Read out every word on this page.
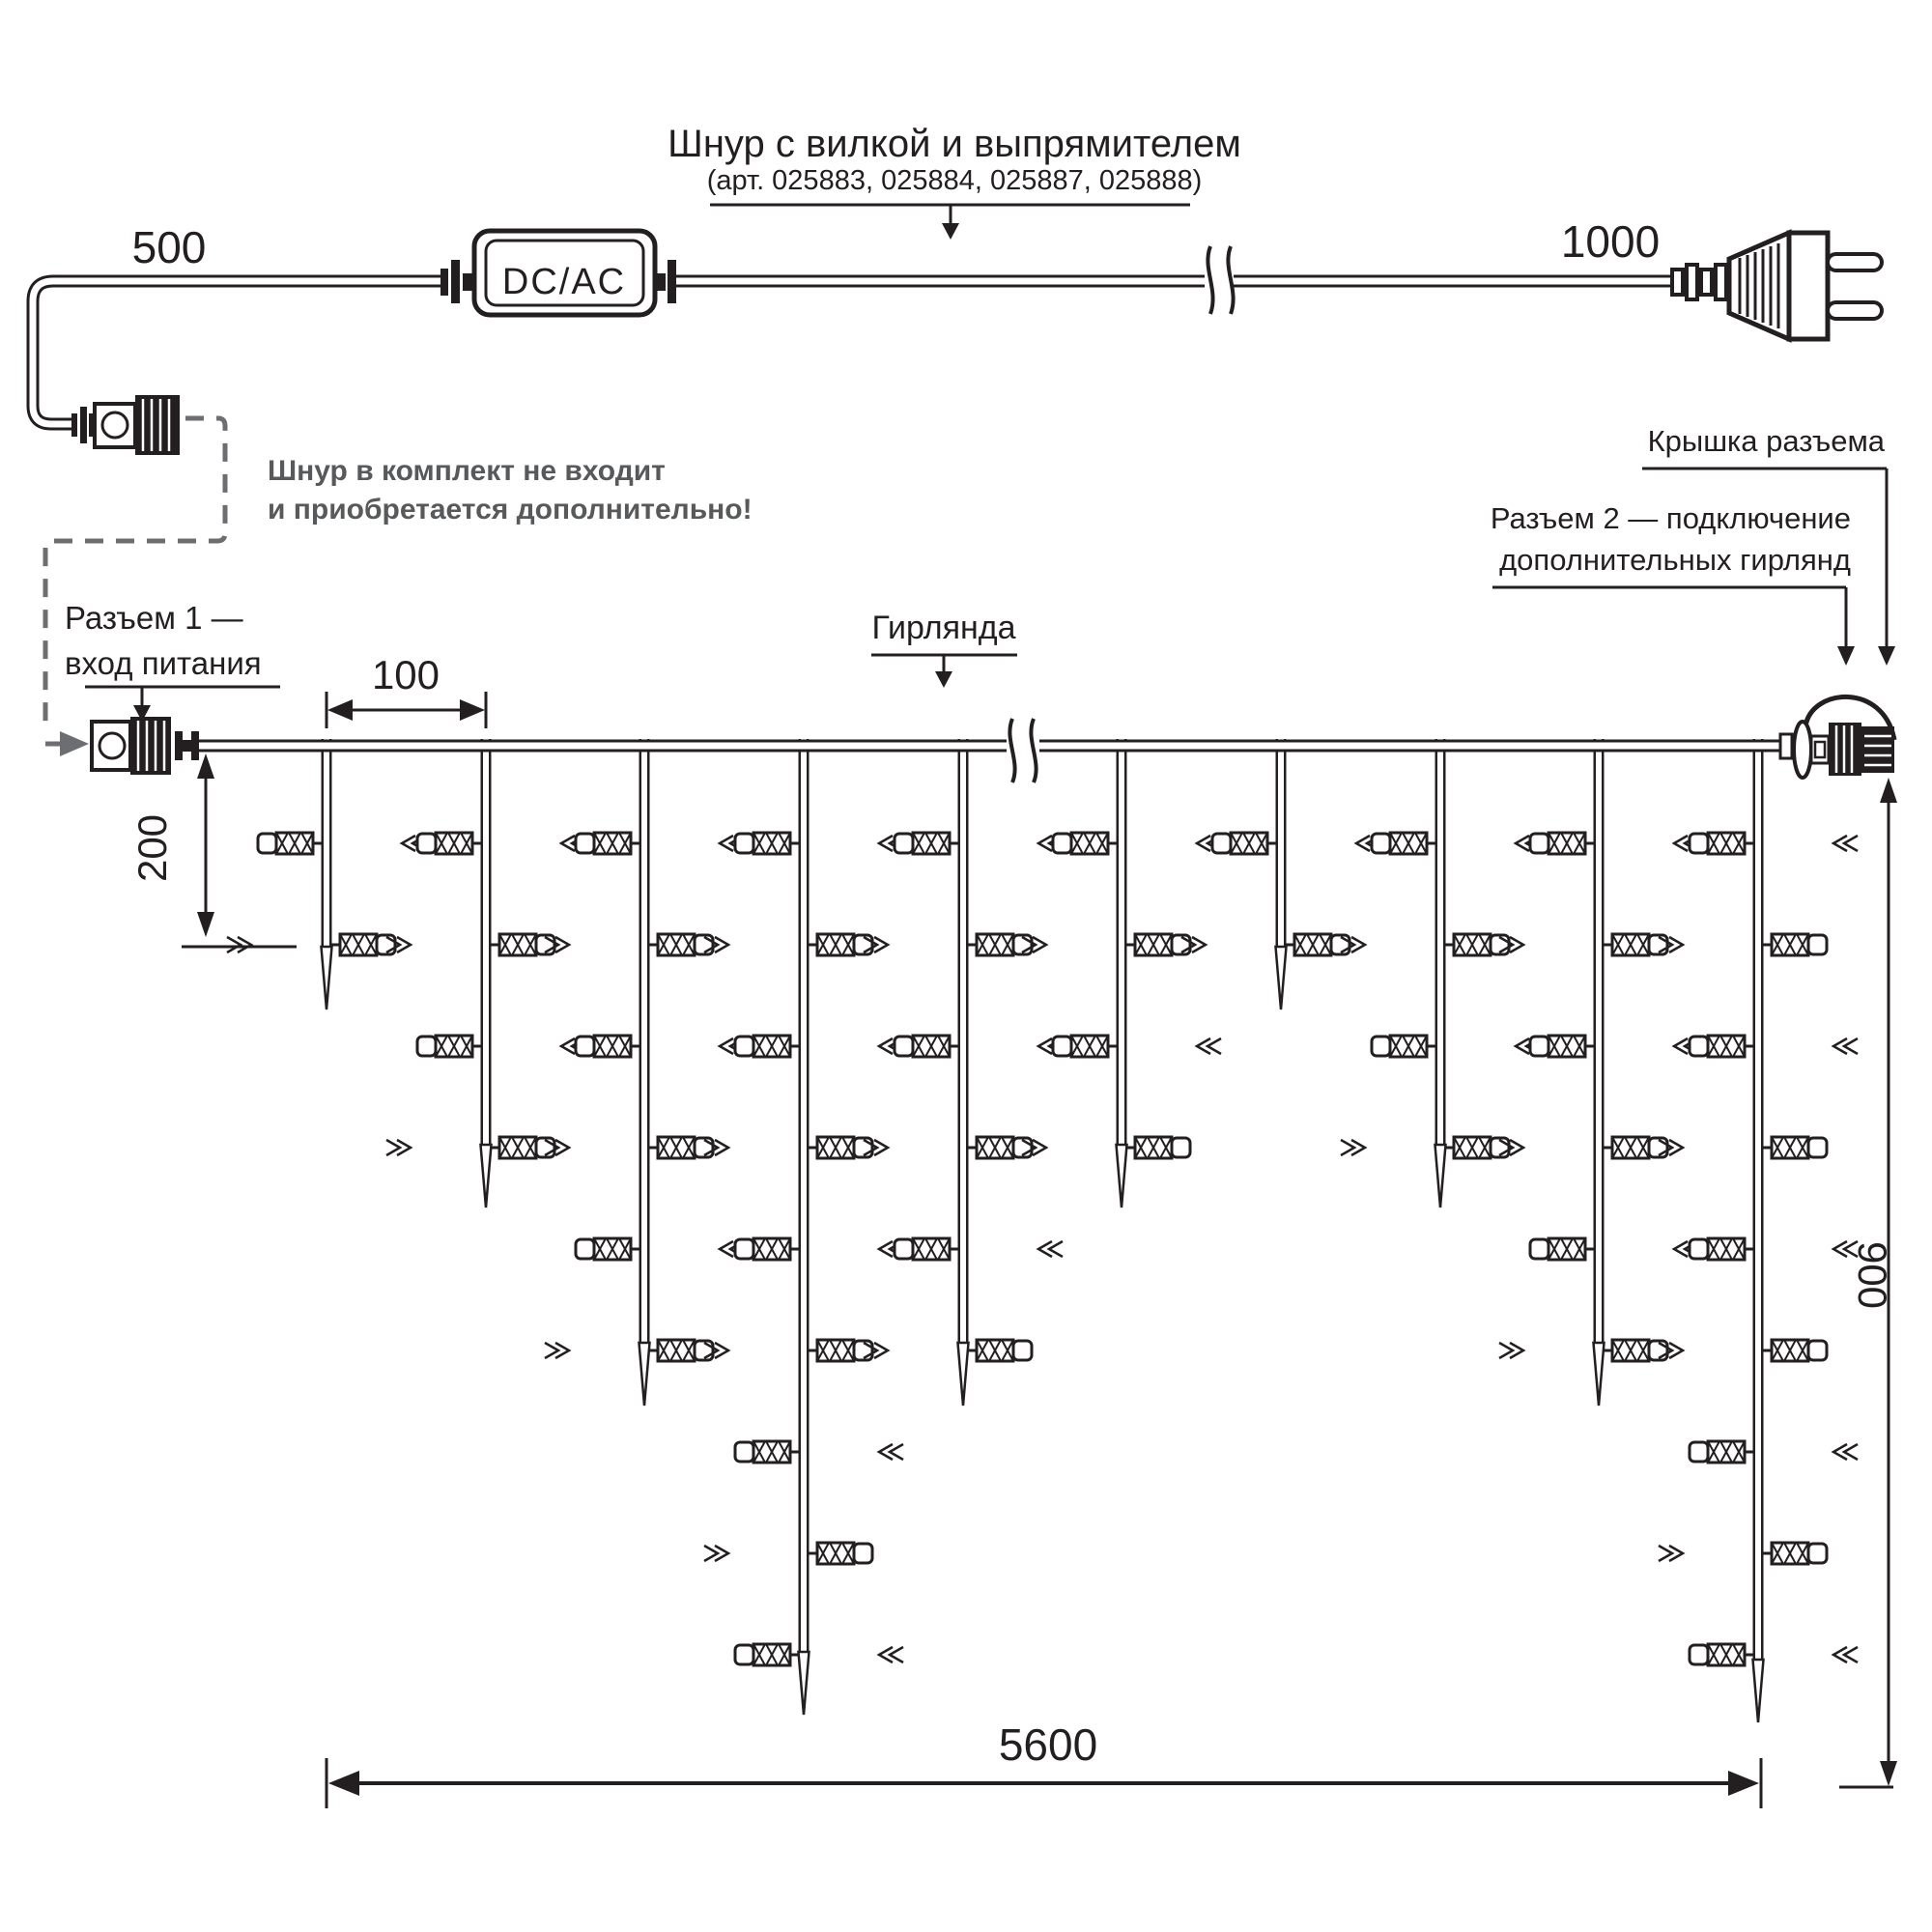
Шнур с вилкой и выпрямителем
(арт. 025883, 025884, 025887, 025888)
500
DC/AC
1000
Шнур в комплект не входит
и приобретается дополнительно!
Разъем 1 —
вход питания	100
200
Гирлянда
Крышка разъема
Разъем 2 — подключение
дополнительных гирлянд
900
5600
